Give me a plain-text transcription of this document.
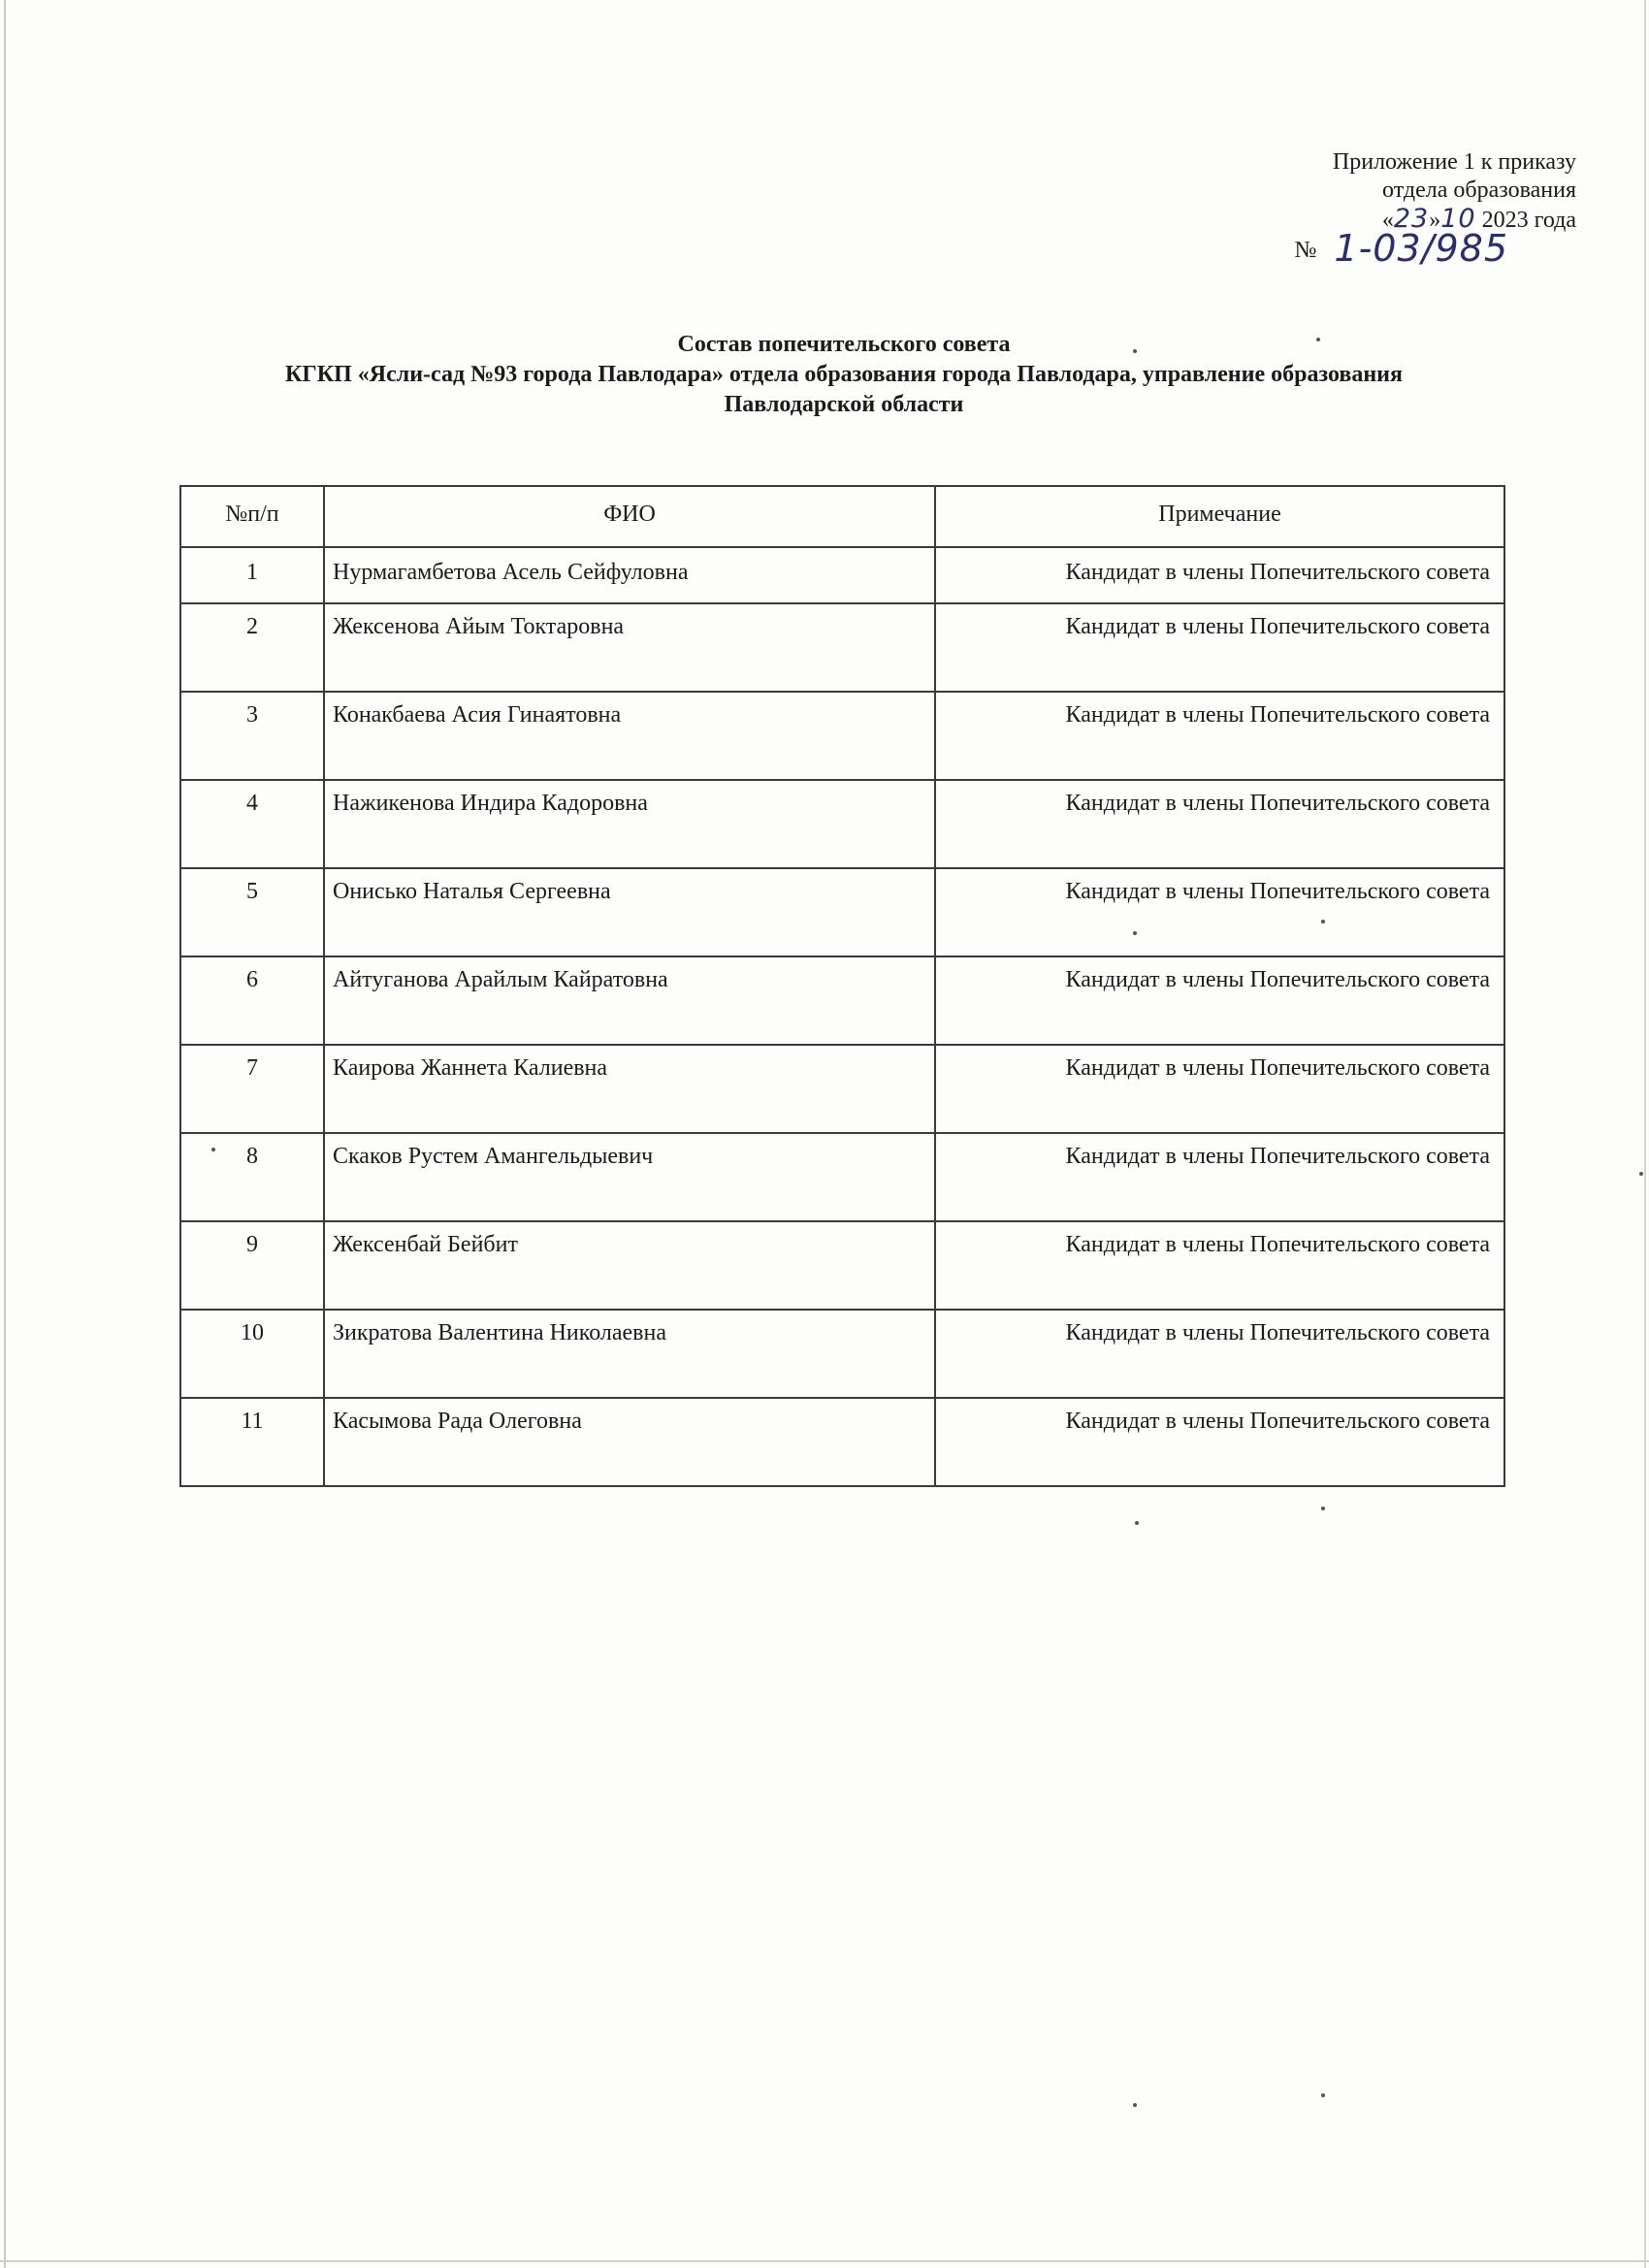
Приложение 1 к приказу
отдела образования
«23»10 2023 года
№ 1-03/985
Состав попечительского совета
КГКП «Ясли-сад №93 города Павлодара» отдела образования города Павлодара, управление образования
Павлодарской области
№п/п	ФИО	Примечание
1	Нурмагамбетова Асель Сейфуловна	Кандидат в члены Попечительского совета
2	Жексенова Айым Токтаровна	Кандидат в члены Попечительского совета
3	Конакбаева Асия Гинаятовна	Кандидат в члены Попечительского совета
4	Нажикенова Индира Кадоровна	Кандидат в члены Попечительского совета
5	Онисько Наталья Сергеевна	Кандидат в члены Попечительского совета
6	Айтуганова Арайлым Кайратовна	Кандидат в члены Попечительского совета
7	Каирова Жаннета Калиевна	Кандидат в члены Попечительского совета
8	Скаков Рустем Амангельдыевич	Кандидат в члены Попечительского совета
9	Жексенбай Бейбит	Кандидат в члены Попечительского совета
10	Зикратова Валентина Николаевна	Кандидат в члены Попечительского совета
11	Касымова Рада Олеговна	Кандидат в члены Попечительского совета
